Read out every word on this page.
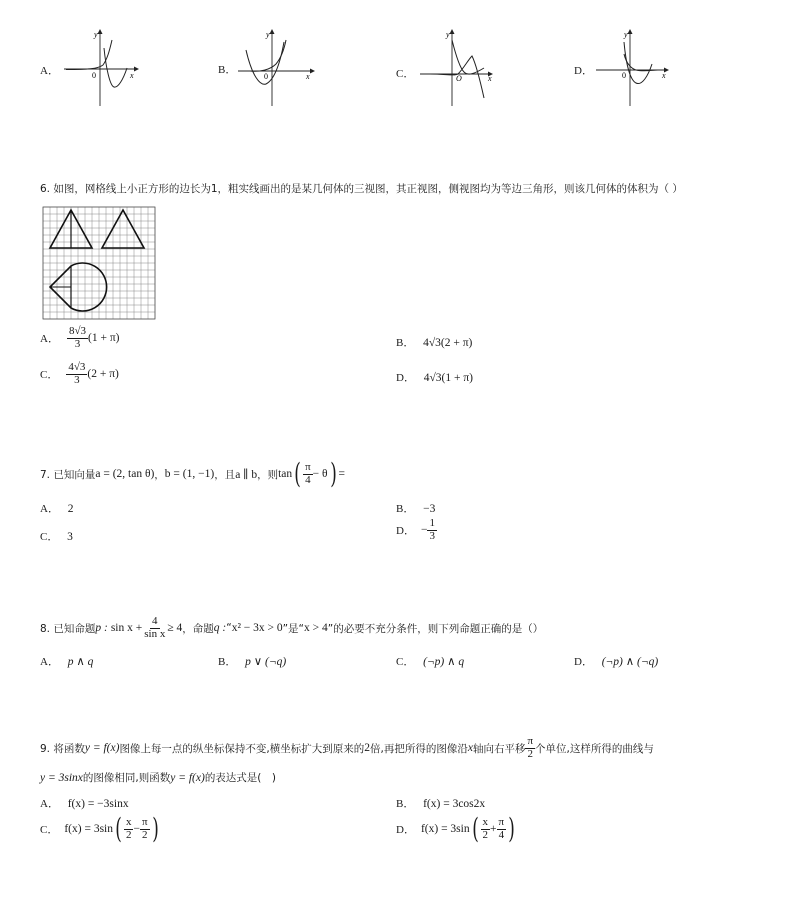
A．
y
x
0	B．
y
x
0	C．
y
x
O
D．
y
x
0
6. 如图，网格线上小正方形的边长为1，粗实线画出的是某几何体的三视图，其正视图，侧视图均为等边三角形，则该几何体的体积为（ ）
A． $\frac{8√3}{3} (1 + \pi)$	B． 4√3(2 + π)
C． $\frac{4√3}{3} (2 + \pi)$	D． 4√3(1 + π)
7. 已知向量 a = (2, tan θ) ， b = (1, −1) ，且 a ∥ b ，则 tan ( $\frac{\pi}{4} - \theta$ ) =
A． 2	B． −3
C． 3	D． − $\frac{1}{3}$
8. 已知命题 p : $\sin x + \frac{4}{\text{sin x}} \ge 4$ ，命题 q : “ x² − 3x > 0 ”是“ x > 4 ”的必要不充分条件，则下列命题正确的是（）
A． p ∧ q	B． p ∨ (¬q)	C． (¬p) ∧ q	D． (¬p) ∧ (¬q)
9. 将函数 y = f(x) 图像上每一点的纵坐标保持不变,横坐标扩大到原来的 2 倍,再把所得的图像沿 x 轴向右平移 $\frac{\pi}{2}$ 个单位,这样所得的曲线与
y = 3sinx 的图像相同,则函数 y = f(x) 的表达式是(　)
A． f(x) = −3sinx	B． f(x) = 3cos2x
C． f(x) = 3sin ( $\frac{x}{2} - \frac{\pi}{2}$ )	D． f(x) = 3sin ( $\frac{x}{2} + \frac{\pi}{4}$ )
